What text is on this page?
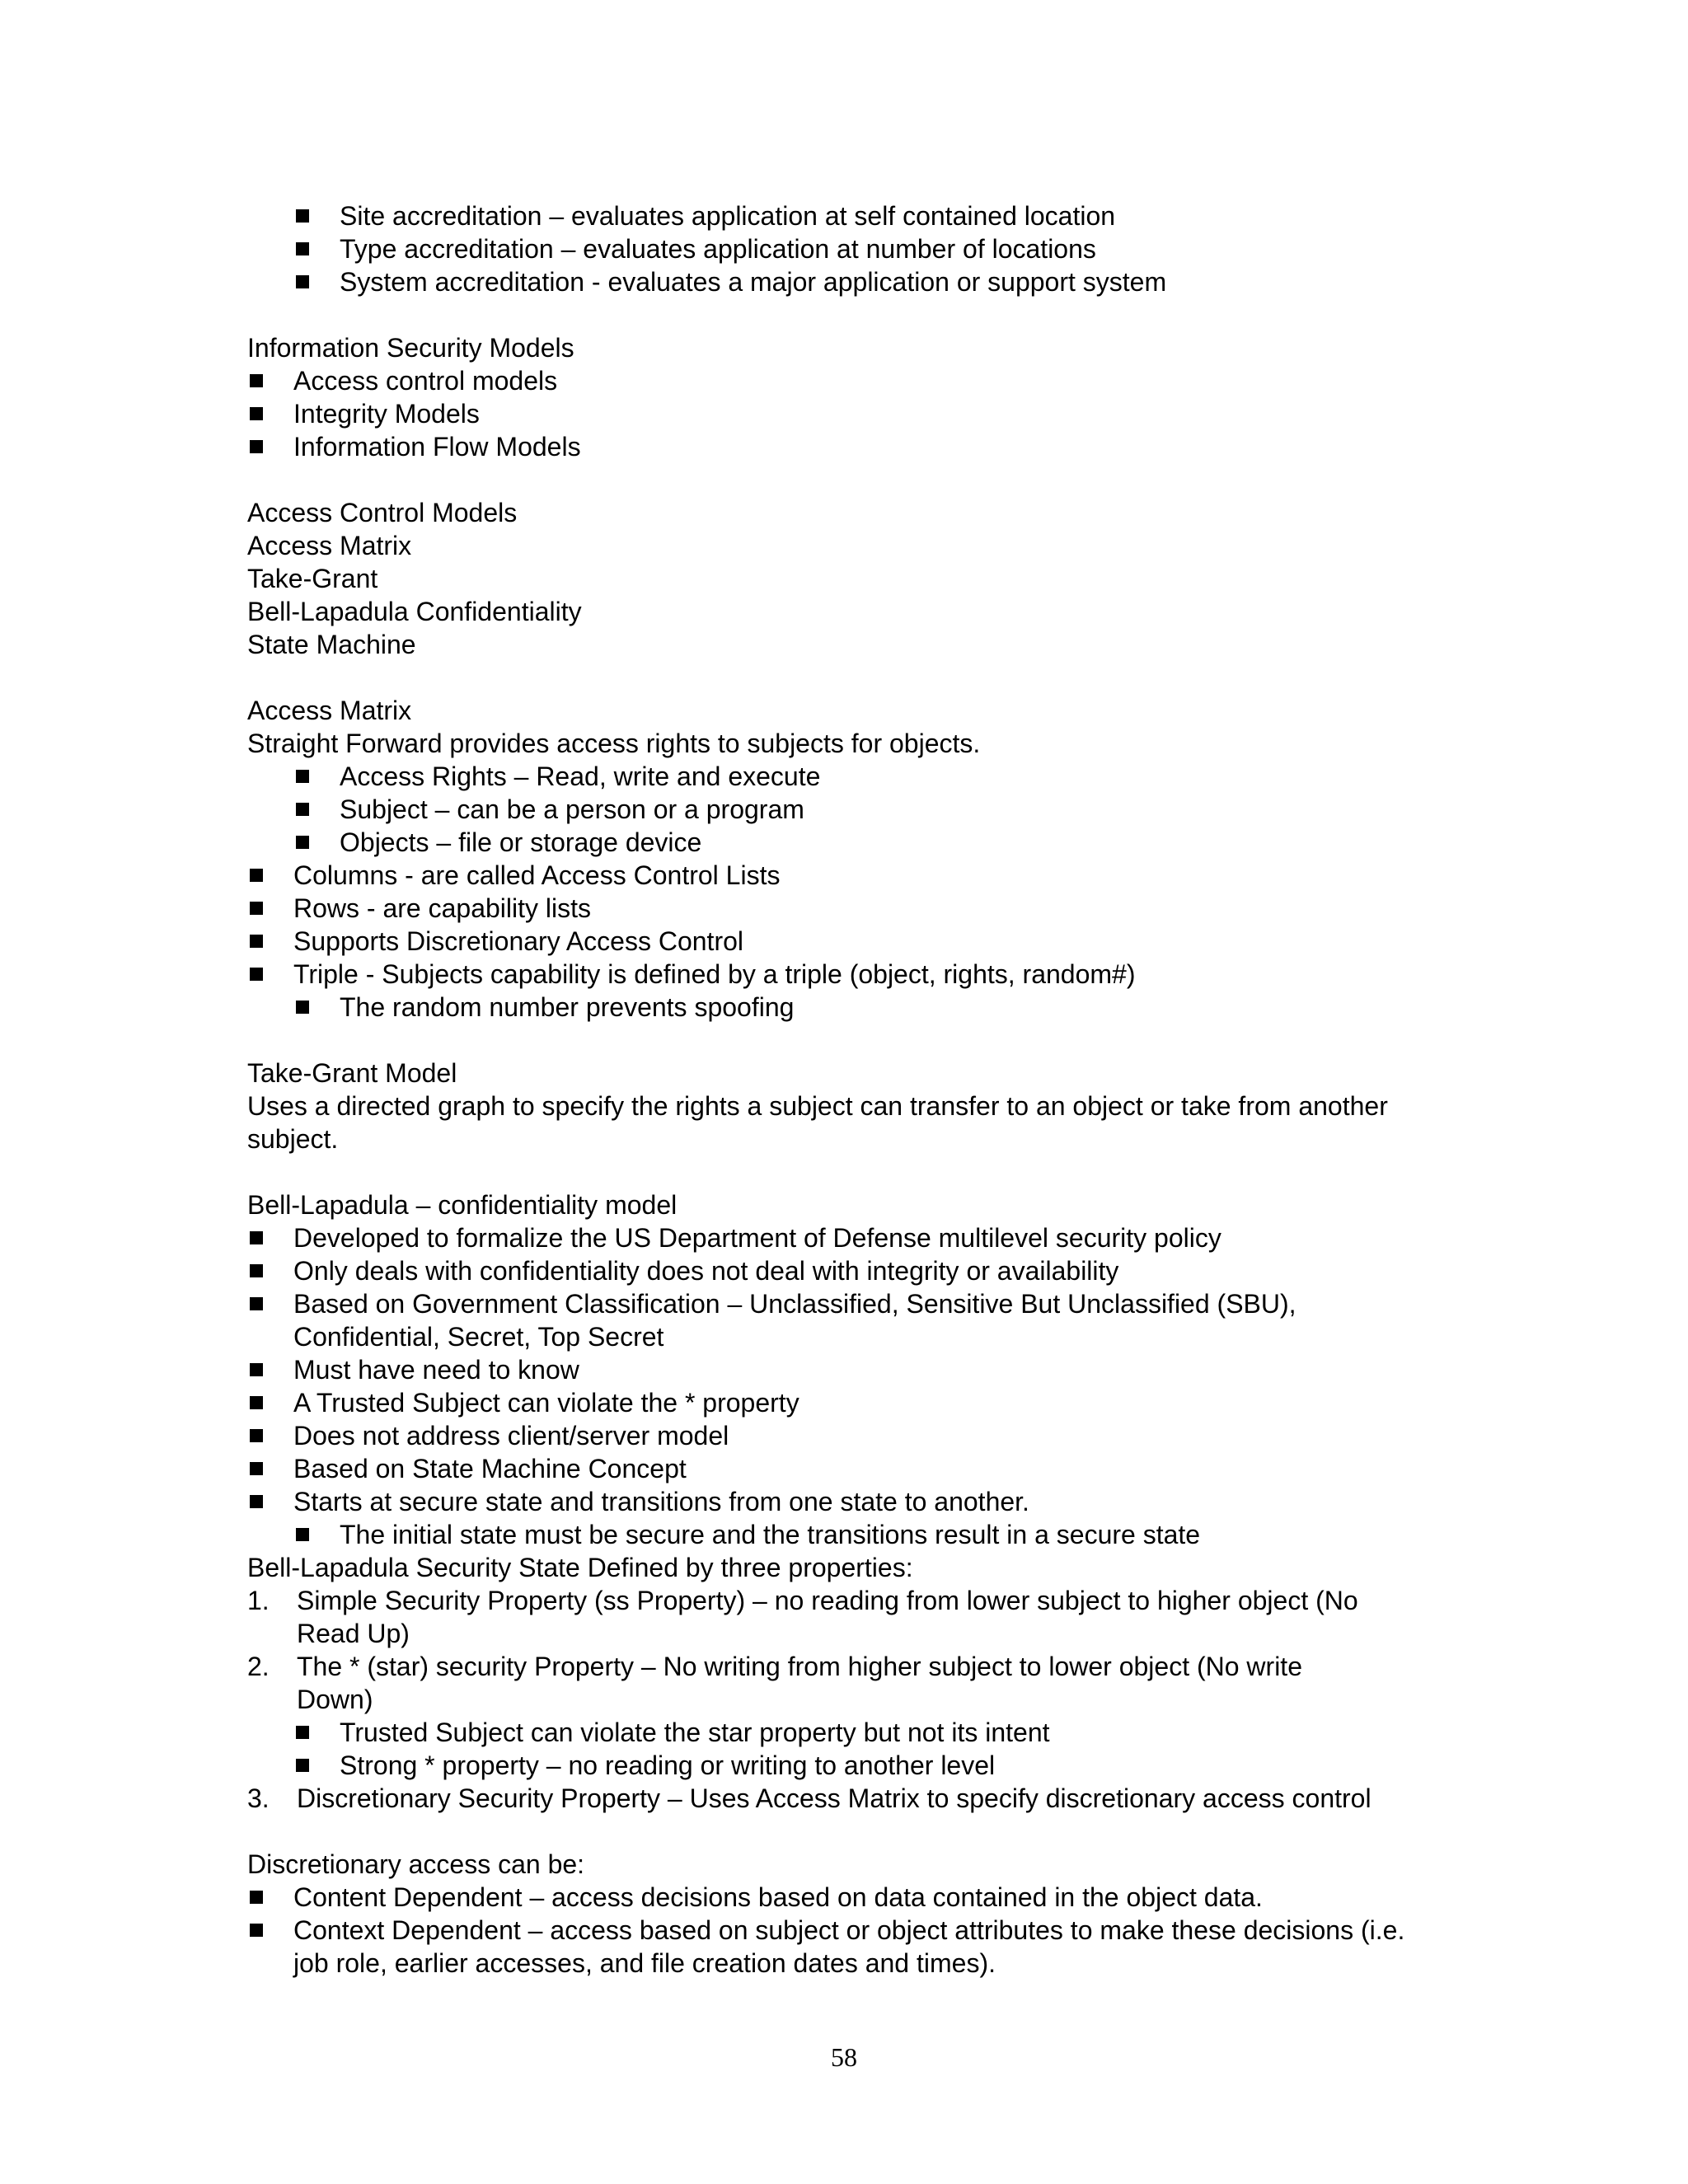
Site accreditation – evaluates application at self contained location
Type accreditation – evaluates application at number of locations
System accreditation - evaluates a major application or support system
Information Security Models
Access control models
Integrity Models
Information Flow Models
Access Control Models
Access Matrix
Take-Grant
Bell-Lapadula Confidentiality
State Machine
Access Matrix
Straight Forward provides access rights to subjects for objects.
Access Rights – Read, write and execute
Subject – can be a person or a program
Objects – file or storage device
Columns - are called Access Control Lists
Rows - are capability lists
Supports Discretionary Access Control
Triple - Subjects capability is defined by a triple (object, rights, random#)
The random number prevents spoofing
Take-Grant Model
Uses a directed graph to specify the rights a subject can transfer to an object or take from another
subject.
Bell-Lapadula – confidentiality model
Developed to formalize the US Department of Defense multilevel security policy
Only deals with confidentiality does not deal with integrity or availability
Based on Government Classification – Unclassified, Sensitive But Unclassified (SBU),
Confidential, Secret, Top Secret
Must have need to know
A Trusted Subject can violate the * property
Does not address client/server model
Based on State Machine Concept
Starts at secure state and transitions from one state to another.
The initial state must be secure and the transitions result in a secure state
Bell-Lapadula Security State Defined by three properties:
1. Simple Security Property (ss Property) – no reading from lower subject to higher object (No
Read Up)
2. The * (star) security Property – No writing from higher subject to lower object (No write
Down)
Trusted Subject can violate the star property but not its intent
Strong * property – no reading or writing to another level
3. Discretionary Security Property – Uses Access Matrix to specify discretionary access control
Discretionary access can be:
Content Dependent – access decisions based on data contained in the object data.
Context Dependent – access based on subject or object attributes to make these decisions (i.e.
job role, earlier accesses, and file creation dates and times).
58
